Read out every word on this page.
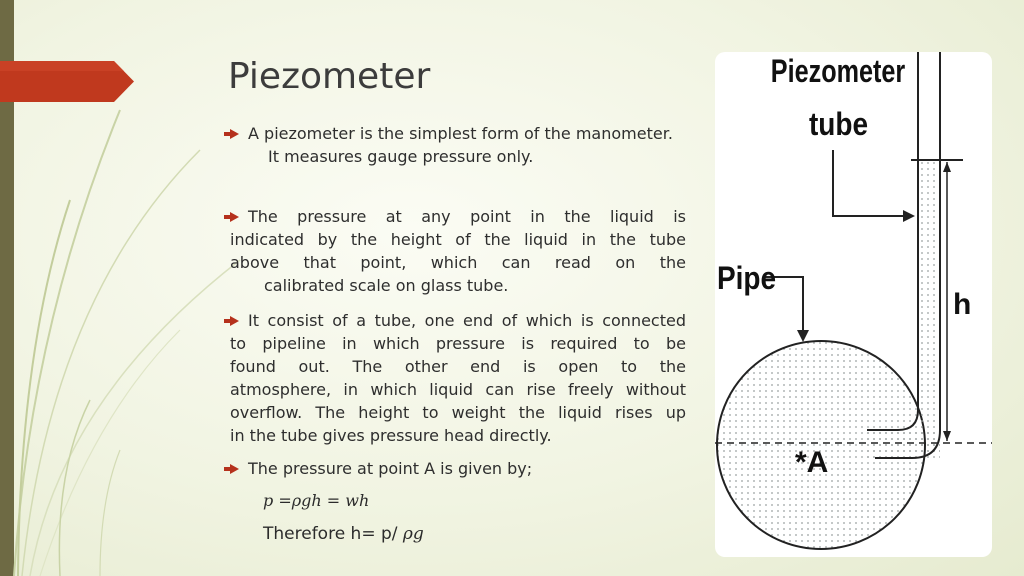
Piezometer
A piezometer is the simplest form of the manometer.
It measures gauge pressure only.
The pressure at any point in the liquid is
indicated by the height of the liquid in the tube
above that point, which can read on the
calibrated scale on glass tube.
It consist of a tube, one end of which is connected
to pipeline in which pressure is required to be
found out. The other end is open to the
atmosphere, in which liquid can rise freely without
overflow. The height to weight the liquid rises up
in the tube gives pressure head directly.
The pressure at point A is given by;
p =ρgh = wh
Therefore h= p/ ρg
Piezometer
tube
Pipe
h
*A
